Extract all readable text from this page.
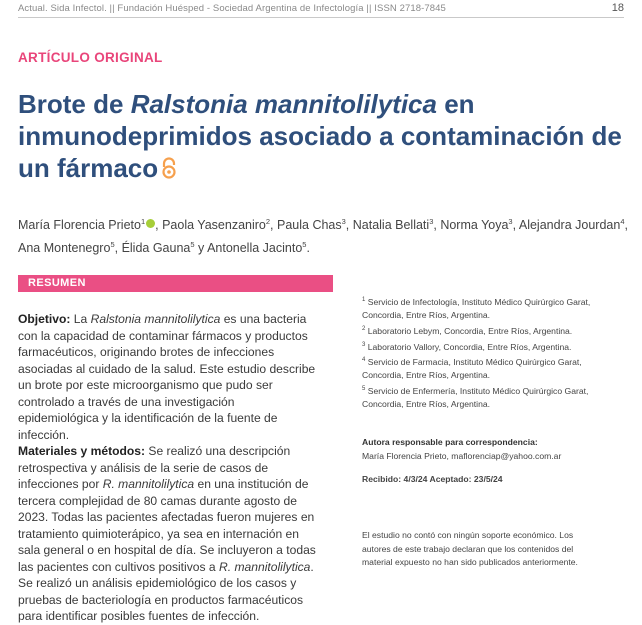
Actual. Sida Infectol. || Fundación Huésped - Sociedad Argentina de Infectología || ISSN 2718-7845	18
ARTÍCULO ORIGINAL
Brote de Ralstonia mannitolilytica en inmunodeprimidos asociado a contaminación de un fármaco
María Florencia Prieto$^1$ , Paola Yasenzaniro$^2$, Paula Chas$^3$, Natalia Bellati$^3$, Norma Yoya$^3$, Alejandra Jourdan$^4$, Ana Montenegro$^5$, Élida Gauna$^5$ y Antonella Jacinto$^5$.
RESUMEN

Objetivo: La Ralstonia mannitolilytica es una bacteria con la capacidad de contaminar fármacos y productos farmacéuticos, originando brotes de infecciones asociadas al cuidado de la salud. Este estudio describe un brote por este microorganismo que pudo ser controlado a través de una investigación epidemiológica y la identificación de la fuente de infección.

Materiales y métodos: Se realizó una descripción retrospectiva y análisis de la serie de casos de infecciones por R. mannitolilytica en una institución de tercera complejidad de 80 camas durante agosto de 2023. Todas las pacientes afectadas fueron mujeres en tratamiento quimioterápico, ya sea en internación en sala general o en hospital de día. Se incluyeron a todas las pacientes con cultivos positivos a R. mannitolilytica. Se realizó un análisis epidemiológico de los casos y pruebas de bacteriología en productos farmacéuticos para identificar posibles fuentes de infección.

$^1$ Servicio de Infectología, Instituto Médico Quirúrgico Garat, Concordia, Entre Ríos, Argentina.

$^2$ Laboratorio Lebym, Concordia, Entre Ríos, Argentina.

$^3$ Laboratorio Vallory, Concordia, Entre Ríos, Argentina.

$^4$ Servicio de Farmacia, Instituto Médico Quirúrgico Garat, Concordia, Entre Ríos, Argentina.

$^5$ Servicio de Enfermería, Instituto Médico Quirúrgico Garat, Concordia, Entre Ríos, Argentina.

Autora responsable para correspondencia:
María Florencia Prieto, maflorenciap@yahoo.com.ar
Recibido: 4/3/24 Aceptado: 23/5/24
El estudio no contó con ningún soporte económico. Los autores de este trabajo declaran que los contenidos del material expuesto no han sido publicados anteriormente.
